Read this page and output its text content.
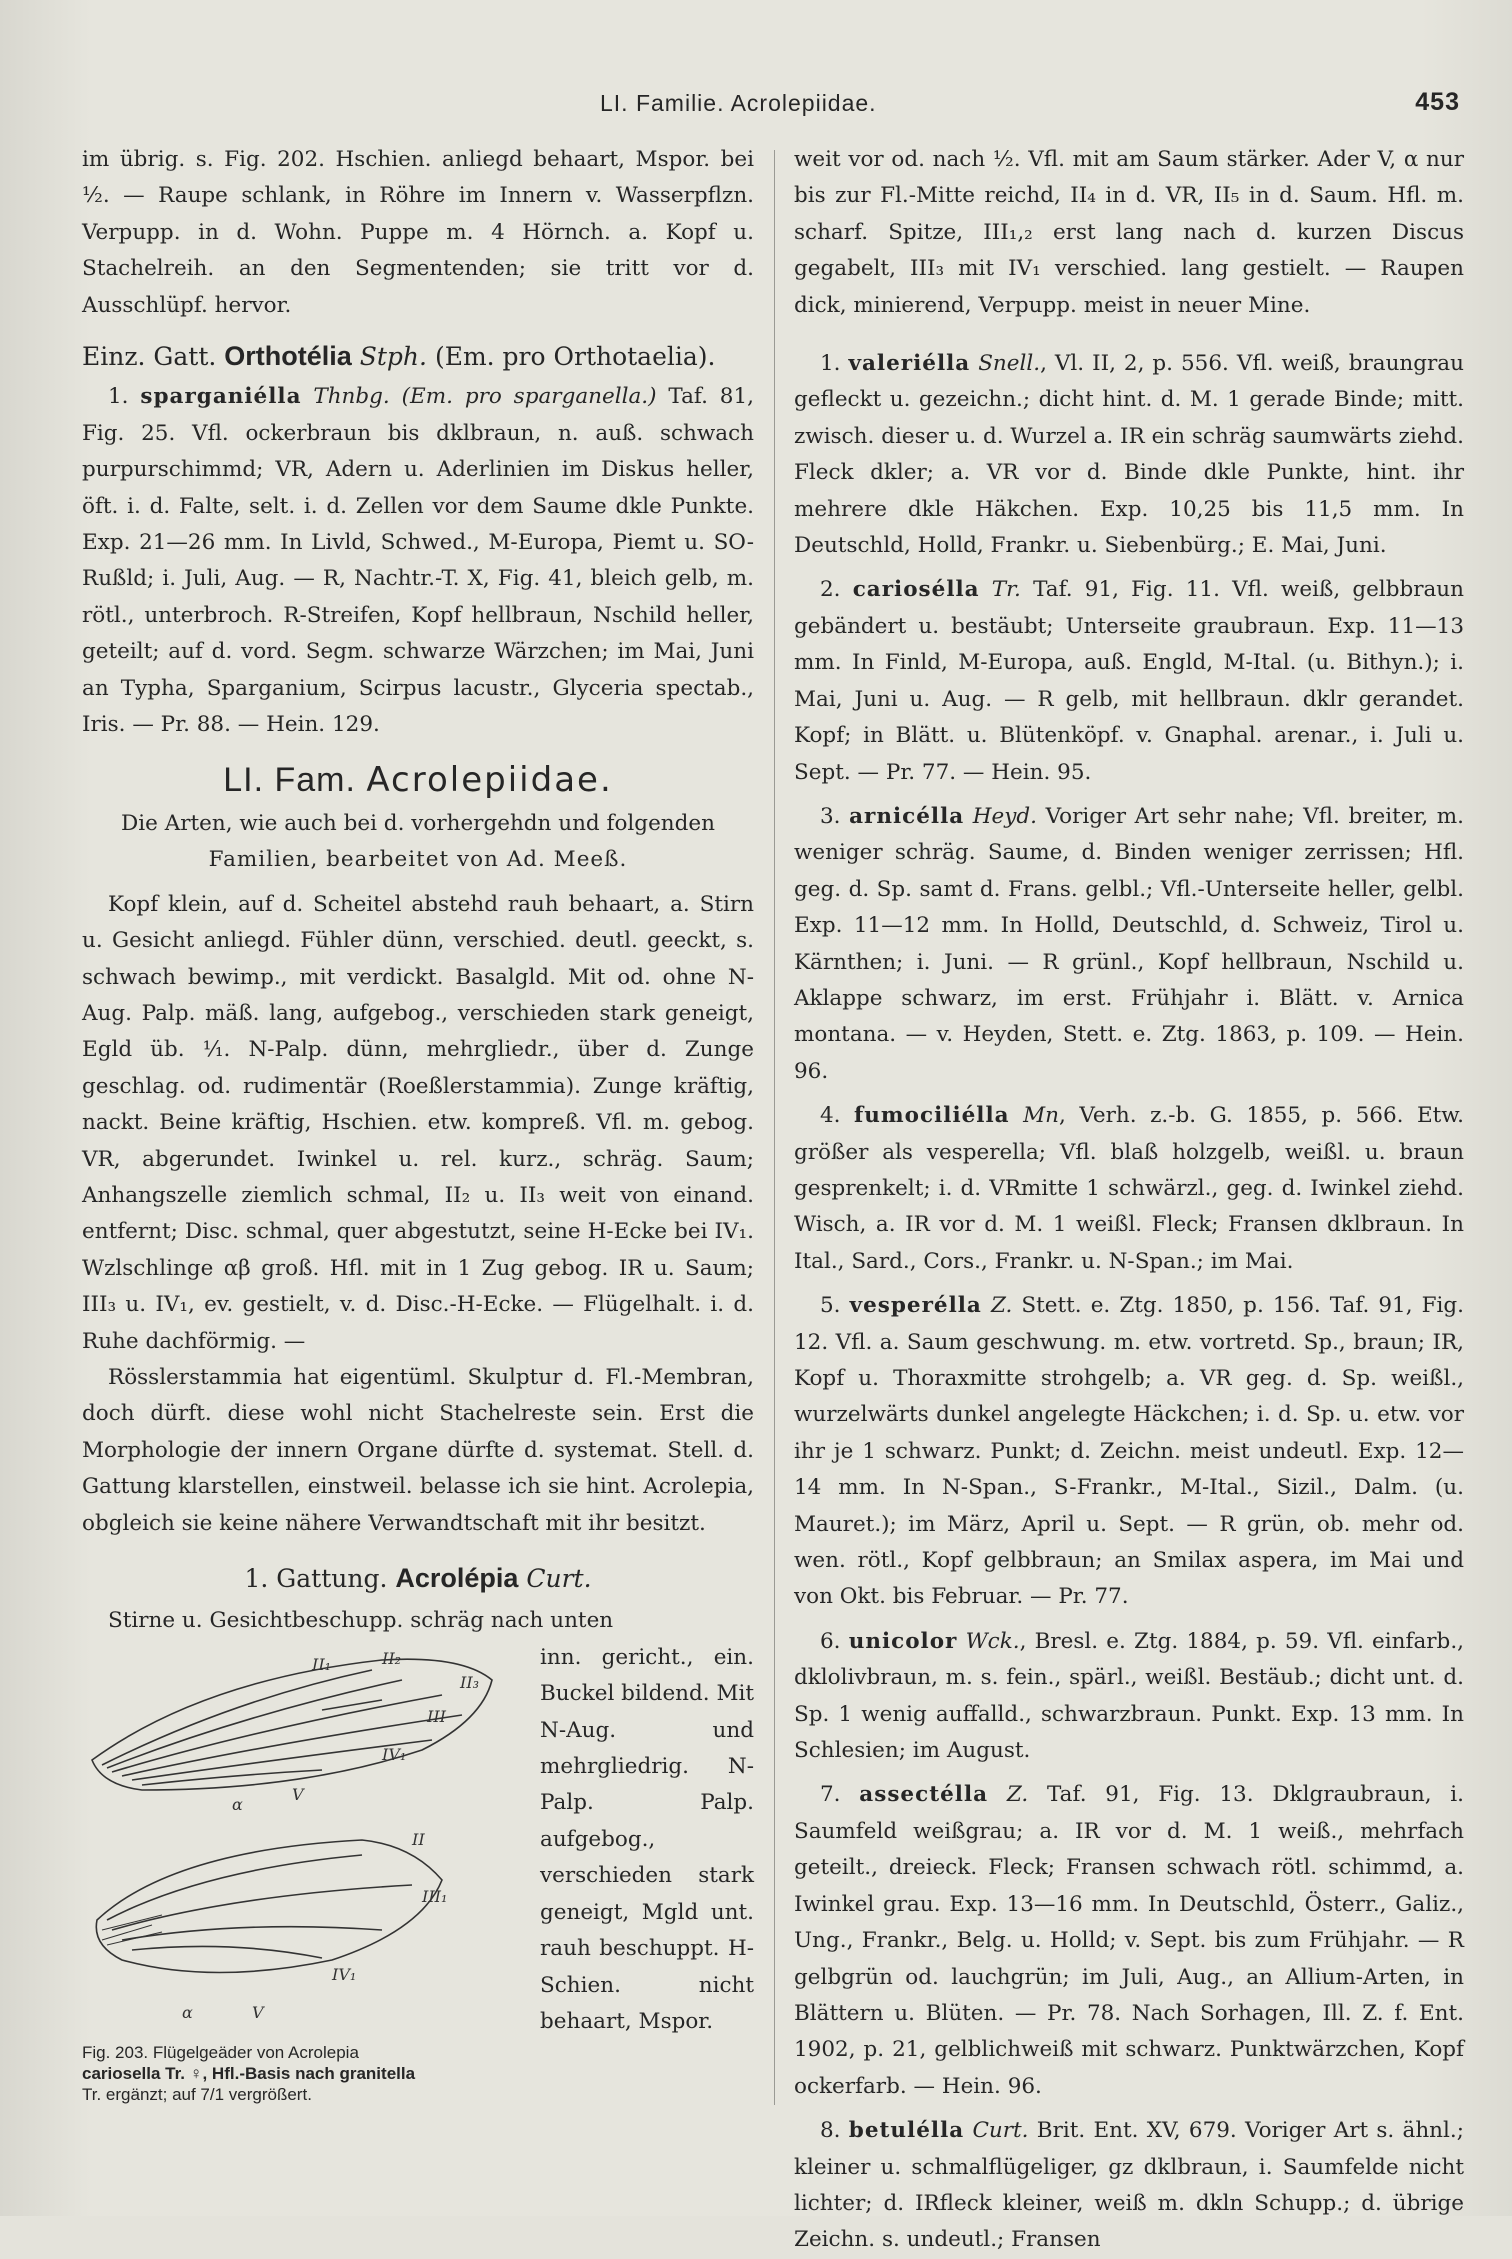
LI. Familie. Acrolepiidae.	453

im übrig. s. Fig. 202. Hschien. anliegd behaart, Mspor. bei ½. — Raupe schlank, in Röhre im Innern v. Wasserpflzn. Verpupp. in d. Wohn. Puppe m. 4 Hörnch. a. Kopf u. Stachelreih. an den Segmentenden; sie tritt vor d. Ausschlüpf. hervor.

Einz. Gatt. Orthotélia Stph. (Em. pro Orthotaelia).

1. sparganiélla Thnbg. (Em. pro sparganella.) Taf. 81, Fig. 25. Vfl. ockerbraun bis dklbraun, n. auß. schwach purpurschimmd; VR, Adern u. Aderlinien im Diskus heller, öft. i. d. Falte, selt. i. d. Zellen vor dem Saume dkle Punkte. Exp. 21—26 mm. In Livld, Schwed., M-Europa, Piemt u. SO-Rußld; i. Juli, Aug. — R, Nachtr.-T. X, Fig. 41, bleich gelb, m. rötl., unterbroch. R-Streifen, Kopf hellbraun, Nschild heller, geteilt; auf d. vord. Segm. schwarze Wärzchen; im Mai, Juni an Typha, Sparganium, Scirpus lacustr., Glyceria spectab., Iris. — Pr. 88. — Hein. 129.

LI. Fam. Acrolepiidae.

Die Arten, wie auch bei d. vorhergehdn und folgenden

Familien, bearbeitet von Ad. Meeß.

Kopf klein, auf d. Scheitel abstehd rauh behaart, a. Stirn u. Gesicht anliegd. Fühler dünn, verschied. deutl. geeckt, s. schwach bewimp., mit verdickt. Basalgld. Mit od. ohne N-Aug. Palp. mäß. lang, aufgebog., verschieden stark geneigt, Egld üb. ⅟₁. N-Palp. dünn, mehrgliedr., über d. Zunge geschlag. od. rudimentär (Roeßlerstammia). Zunge kräftig, nackt. Beine kräftig, Hschien. etw. kompreß. Vfl. m. gebog. VR, abgerundet. Iwinkel u. rel. kurz., schräg. Saum; Anhangszelle ziemlich schmal, II₂ u. II₃ weit von einand. entfernt; Disc. schmal, quer abgestutzt, seine H-Ecke bei IV₁. Wzlschlinge αβ groß. Hfl. mit in 1 Zug gebog. IR u. Saum; III₃ u. IV₁, ev. gestielt, v. d. Disc.-H-Ecke. — Flügelhalt. i. d. Ruhe dachförmig. —

Rösslerstammia hat eigentüml. Skulptur d. Fl.-Membran, doch dürft. diese wohl nicht Stachelreste sein. Erst die Morphologie der innern Organe dürfte d. systemat. Stell. d. Gattung klarstellen, einstweil. belasse ich sie hint. Acrolepia, obgleich sie keine nähere Verwandtschaft mit ihr besitzt.

1. Gattung. Acrolépia Curt.

Stirne u. Gesichtbeschupp. schräg nach unten

II₁	II₂
II₃
III
IV₁
α
V
II
III₁
IV₁
α	V

inn. gericht., ein. Buckel bildend. Mit N-Aug. und mehrgliedrig. N-Palp. Palp. aufgebog., verschieden stark geneigt, Mgld unt. rauh beschuppt. H-Schien. nicht behaart, Mspor.

Fig. 203. Flügelgeäder von Acrolepia
cariosella Tr. ♀, Hfl.-Basis nach granitella
Tr. ergänzt; auf 7/1 vergrößert.

weit vor od. nach ½. Vfl. mit am Saum stärker. Ader V, α nur bis zur Fl.-Mitte reichd, II₄ in d. VR, II₅ in d. Saum. Hfl. m. scharf. Spitze, III₁,₂ erst lang nach d. kurzen Discus gegabelt, III₃ mit IV₁ verschied. lang gestielt. — Raupen dick, minierend, Verpupp. meist in neuer Mine.

1. valeriélla Snell., Vl. II, 2, p. 556. Vfl. weiß, braungrau gefleckt u. gezeichn.; dicht hint. d. M. 1 gerade Binde; mitt. zwisch. dieser u. d. Wurzel a. IR ein schräg saumwärts ziehd. Fleck dkler; a. VR vor d. Binde dkle Punkte, hint. ihr mehrere dkle Häkchen. Exp. 10,25 bis 11,5 mm. In Deutschld, Holld, Frankr. u. Siebenbürg.; E. Mai, Juni.

2. cariosélla Tr. Taf. 91, Fig. 11. Vfl. weiß, gelbbraun gebändert u. bestäubt; Unterseite graubraun. Exp. 11—13 mm. In Finld, M-Europa, auß. Engld, M-Ital. (u. Bithyn.); i. Mai, Juni u. Aug. — R gelb, mit hellbraun. dklr gerandet. Kopf; in Blätt. u. Blütenköpf. v. Gnaphal. arenar., i. Juli u. Sept. — Pr. 77. — Hein. 95.

3. arnicélla Heyd. Voriger Art sehr nahe; Vfl. breiter, m. weniger schräg. Saume, d. Binden weniger zerrissen; Hfl. geg. d. Sp. samt d. Frans. gelbl.; Vfl.-Unterseite heller, gelbl. Exp. 11—12 mm. In Holld, Deutschld, d. Schweiz, Tirol u. Kärnthen; i. Juni. — R grünl., Kopf hellbraun, Nschild u. Aklappe schwarz, im erst. Frühjahr i. Blätt. v. Arnica montana. — v. Heyden, Stett. e. Ztg. 1863, p. 109. — Hein. 96.

4. fumociliélla Mn, Verh. z.-b. G. 1855, p. 566. Etw. größer als vesperella; Vfl. blaß holzgelb, weißl. u. braun gesprenkelt; i. d. VRmitte 1 schwärzl., geg. d. Iwinkel ziehd. Wisch, a. IR vor d. M. 1 weißl. Fleck; Fransen dklbraun. In Ital., Sard., Cors., Frankr. u. N-Span.; im Mai.

5. vesperélla Z. Stett. e. Ztg. 1850, p. 156. Taf. 91, Fig. 12. Vfl. a. Saum geschwung. m. etw. vortretd. Sp., braun; IR, Kopf u. Thoraxmitte strohgelb; a. VR geg. d. Sp. weißl., wurzelwärts dunkel angelegte Häckchen; i. d. Sp. u. etw. vor ihr je 1 schwarz. Punkt; d. Zeichn. meist undeutl. Exp. 12—14 mm. In N-Span., S-Frankr., M-Ital., Sizil., Dalm. (u. Mauret.); im März, April u. Sept. — R grün, ob. mehr od. wen. rötl., Kopf gelbbraun; an Smilax aspera, im Mai und von Okt. bis Februar. — Pr. 77.

6. unicolor Wck., Bresl. e. Ztg. 1884, p. 59. Vfl. einfarb., dklolivbraun, m. s. fein., spärl., weißl. Bestäub.; dicht unt. d. Sp. 1 wenig auffalld., schwarzbraun. Punkt. Exp. 13 mm. In Schlesien; im August.

7. assectélla Z. Taf. 91, Fig. 13. Dklgraubraun, i. Saumfeld weißgrau; a. IR vor d. M. 1 weiß., mehrfach geteilt., dreieck. Fleck; Fransen schwach rötl. schimmd, a. Iwinkel grau. Exp. 13—16 mm. In Deutschld, Österr., Galiz., Ung., Frankr., Belg. u. Holld; v. Sept. bis zum Frühjahr. — R gelbgrün od. lauchgrün; im Juli, Aug., an Allium-Arten, in Blättern u. Blüten. — Pr. 78. Nach Sorhagen, Ill. Z. f. Ent. 1902, p. 21, gelblichweiß mit schwarz. Punktwärzchen, Kopf ockerfarb. — Hein. 96.

8. betulélla Curt. Brit. Ent. XV, 679. Voriger Art s. ähnl.; kleiner u. schmalflügeliger, gz dklbraun, i. Saumfelde nicht lichter; d. IRfleck kleiner, weiß m. dkln Schupp.; d. übrige Zeichn. s. undeutl.; Fransen
